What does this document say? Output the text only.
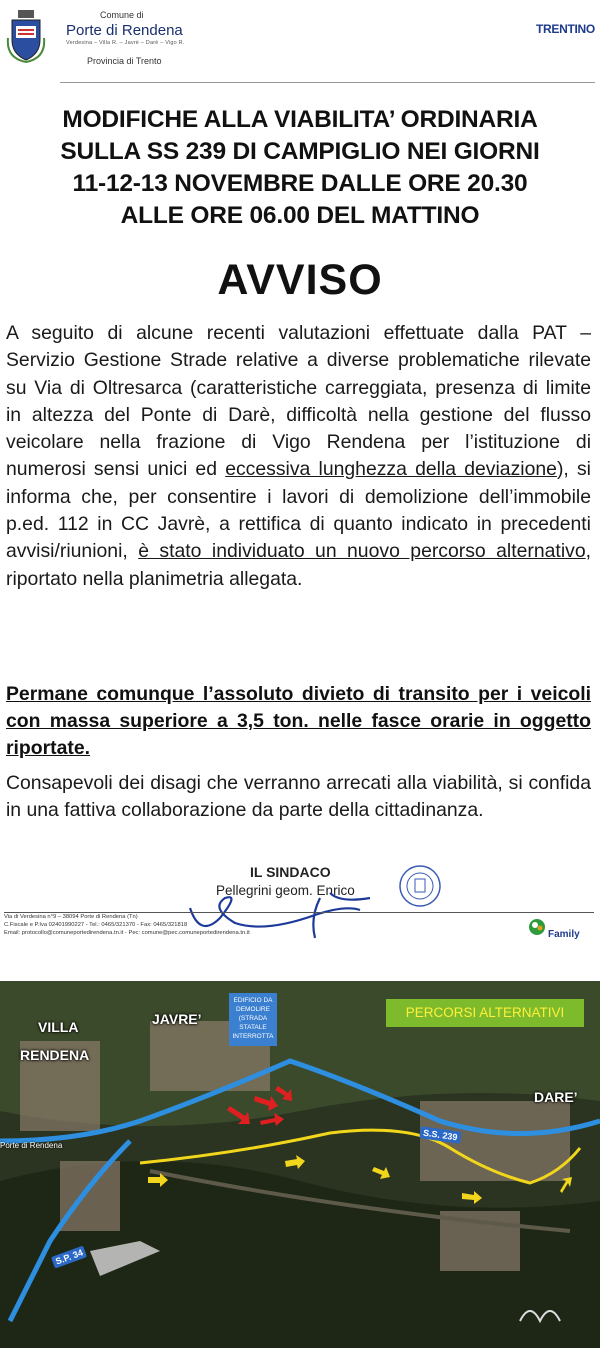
Comune di
Porte di Rendena
Verdesina – Villa R. – Javrè – Darè – Vigo R.
Provincia di Trento
TRENTINO
MODIFICHE ALLA VIABILITA’ ORDINARIA
SULLA SS 239 DI CAMPIGLIO NEI GIORNI
11-12-13 NOVEMBRE DALLE ORE 20.30
ALLE ORE 06.00 DEL MATTINO
AVVISO
A seguito di alcune recenti valutazioni effettuate dalla PAT – Servizio Gestione Strade relative a diverse problematiche rilevate su Via di Oltresarca (caratteristiche carreggiata, presenza di limite in altezza del Ponte di Darè, difficoltà nella gestione del flusso veicolare nella frazione di Vigo Rendena per l’istituzione di numerosi sensi unici ed eccessiva lunghezza della deviazione), si informa che, per consentire i lavori di demolizione dell’immobile p.ed. 112 in CC Javrè, a rettifica di quanto indicato in precedenti avvisi/riunioni, è stato individuato un nuovo percorso alternativo, riportato nella planimetria allegata.
Permane comunque l’assoluto divieto di transito per i veicoli con massa superiore a 3,5 ton. nelle fasce orarie in oggetto riportate.
Consapevoli dei disagi che verranno arrecati alla viabilità, si confida in una fattiva collaborazione da parte della cittadinanza.
IL SINDACO
Pellegrini geom. Enrico
Via di Verdesina n°9 – 38094 Porte di Rendena (Tn)
C.Fiscale e P.Iva 02401990227 - Tel.: 0465/321370 - Fax: 0465/321818
Email: protocollo@comuneportedirendena.tn.it - Pec: comune@pec.comuneportedirendena.tn.it	Family
VILLA
RENDENA
JAVRE’
DARE’
PERCORSI ALTERNATIVI
EDIFICIO DA DEMOLIRE (STRADA STATALE INTERROTTA
S.S. 239
S.P. 34
Porte di Rendena
